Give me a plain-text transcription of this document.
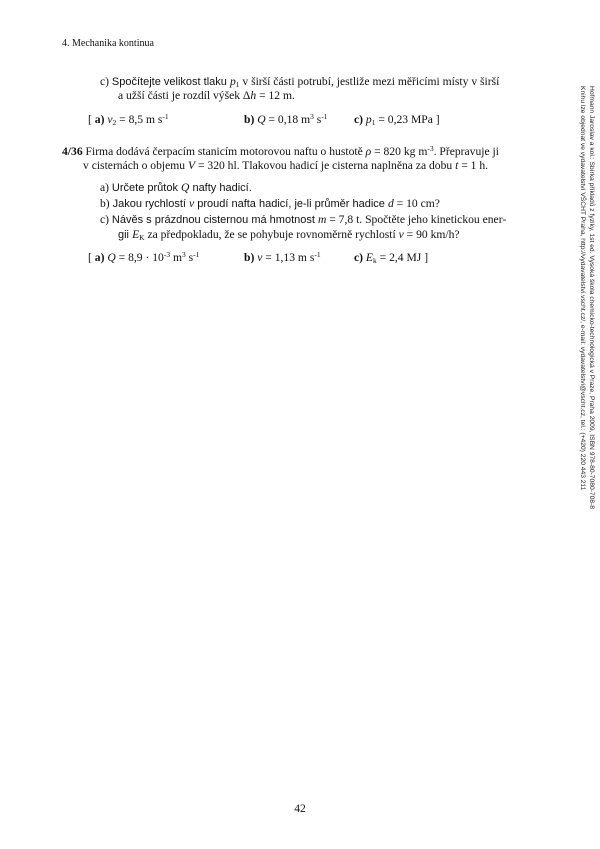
4. Mechanika kontinua
c) Spočítejte velikost tlaku $p_1$ v širší části potrubí, jestliže mezi měřicími místy v širší
a užší části je rozdíl výšek Δh = 12 m.
[ a) $v_2 = 8,5$ m $s^{-1}$	b) Q = 0,18 $m^3$ $s^{-1}$ c) $p_1 = 0,23$ MPa ]
4/36 Firma dodává čerpacím stanicím motorovou naftu o hustotě ρ = 820 kg $m^{-3}$. Přepravuje ji
v cisternách o objemu V = 320 hl. Tlakovou hadicí je cisterna naplněna za dobu t = 1 h.
a) Určete průtok Q nafty hadicí.
b) Jakou rychlostí v proudí nafta hadicí, je-li průměr hadice d = 10 cm?
c) Návěs s prázdnou cisternou má hmotnost m = 7,8 t. Spočtěte jeho kinetickou ener-
gii $E_K$ za předpokladu, že se pohybuje rovnoměrně rychlostí v = 90 km/h?
[ a) $Q = 8,9 \cdot 10^{-3}$ $m^3$ $s^{-1}$	b) v = 1,13 m $s^{-1}$	c) $E_k = 2,4$ MJ ]
42
Hofmann Jaroslav a kol.: Sbírka příkladů z fyziky, 1st ed. Vysoká škola chemicko-technologická v Praze, Praha 2009, ISBN 978-80-7080-708-8
Knihu lze objednat ve vydavatelství VŠCHT Praha, http://vydavatelstvi.vscht.cz/, e-mail: vydavatelstvi@vscht.cz, tel.: (+420) 220 443 211
